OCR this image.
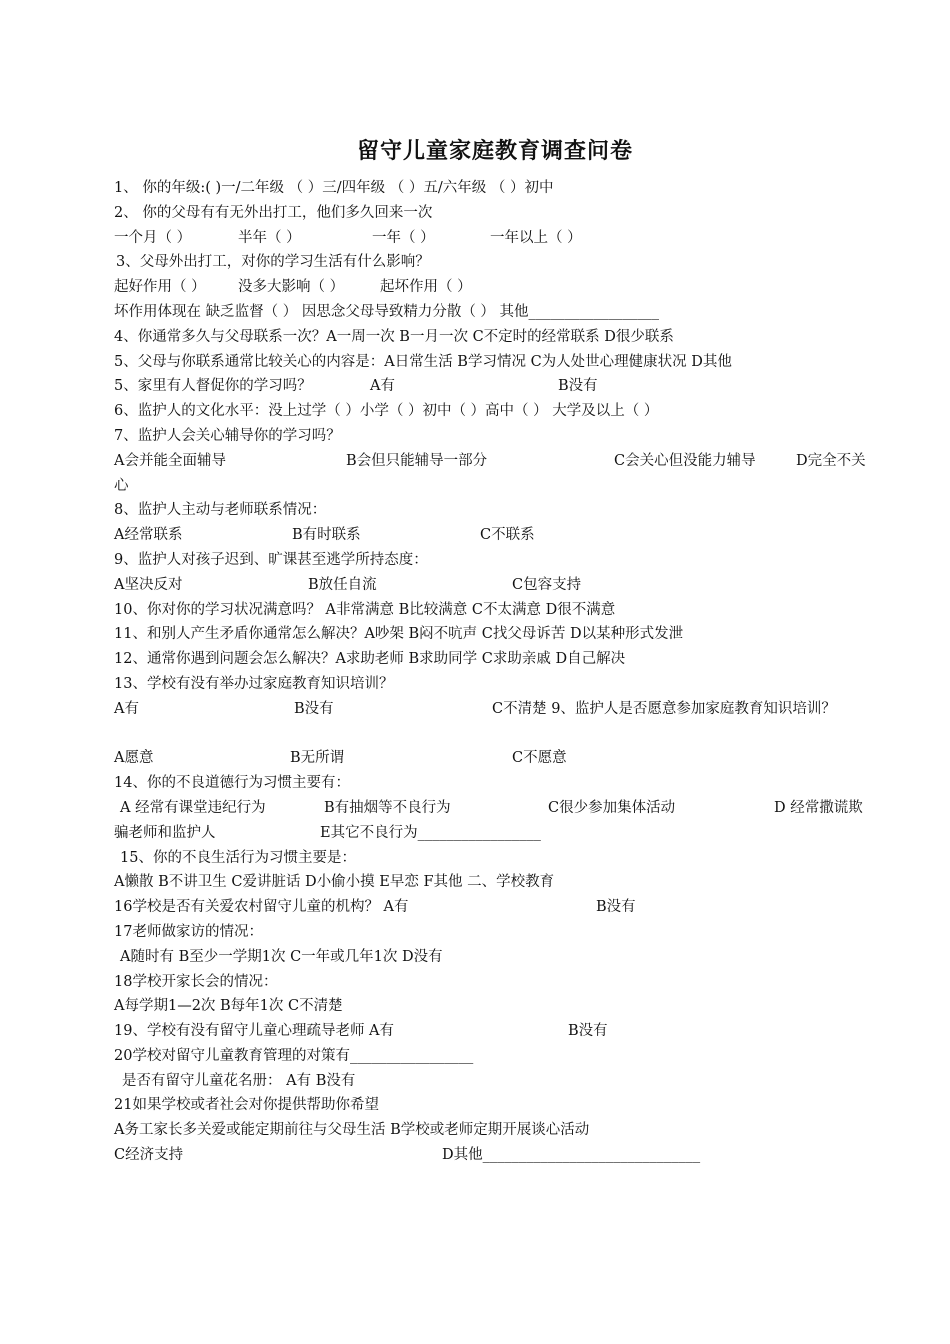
留守儿童家庭教育调查问卷
1、 你的年级:( )一/二年级 （ ）三/四年级 （ ）五/六年级 （ ）初中
2、 你的父母有有无外出打工，他们多久回来一次
一个月（ ）	半年（ ）	一年（ ）	一年以上（ ）
3、父母外出打工，对你的学习生活有什么影响？
起好作用（ ） 没多大影响（ ） 起坏作用（ ）
坏作用体现在 缺乏监督（ ） 因思念父母导致精力分散（ ） 其他__________________
4、你通常多久与父母联系一次？A一周一次 B一月一次 C不定时的经常联系 D很少联系
5、父母与你联系通常比较关心的内容是：A日常生活 B学习情况 C为人处世心理健康状况 D其他
5、家里有人督促你的学习吗？	A有	B没有
6、监护人的文化水平：没上过学（ ）小学（ ）初中（ ）高中（ ） 大学及以上（ ）
7、监护人会关心辅导你的学习吗？
A会并能全面辅导	B会但只能辅导一部分	C会关心但没能力辅导	D完全不关
心
8、监护人主动与老师联系情况：
A经常联系	B有时联系	C不联系
9、监护人对孩子迟到、旷课甚至逃学所持态度：
A坚决反对	B放任自流	C包容支持
10、你对你的学习状况满意吗？ A非常满意 B比较满意 C不太满意 D很不满意
11、和别人产生矛盾你通常怎么解决？A吵架 B闷不吭声 C找父母诉苦 D以某种形式发泄
12、通常你遇到问题会怎么解决？A求助老师 B求助同学 C求助亲戚 D自己解决
13、学校有没有举办过家庭教育知识培训？
A有	B没有	C不清楚 9、监护人是否愿意参加家庭教育知识培训？
A愿意	B无所谓	C不愿意
14、你的不良道德行为习惯主要有：
A 经常有课堂违纪行为	B有抽烟等不良行为	C很少参加集体活动	D 经常撒谎欺
骗老师和监护人	E其它不良行为_________________
15、你的不良生活行为习惯主要是：
A懒散 B不讲卫生 C爱讲脏话 D小偷小摸 E早恋 F其他 二、学校教育
16学校是否有关爱农村留守儿童的机构？ A有	B没有
17老师做家访的情况：
A随时有 B至少一学期1次 C一年或几年1次 D没有
18学校开家长会的情况：
A每学期1—2次 B每年1次 C不清楚
19、学校有没有留守儿童心理疏导老师 A有	B没有
20学校对留守儿童教育管理的对策有_________________
是否有留守儿童花名册： A有 B没有
21如果学校或者社会对你提供帮助你希望
A务工家长多关爱或能定期前往与父母生活 B学校或老师定期开展谈心活动
C经济支持	D其他______________________________
